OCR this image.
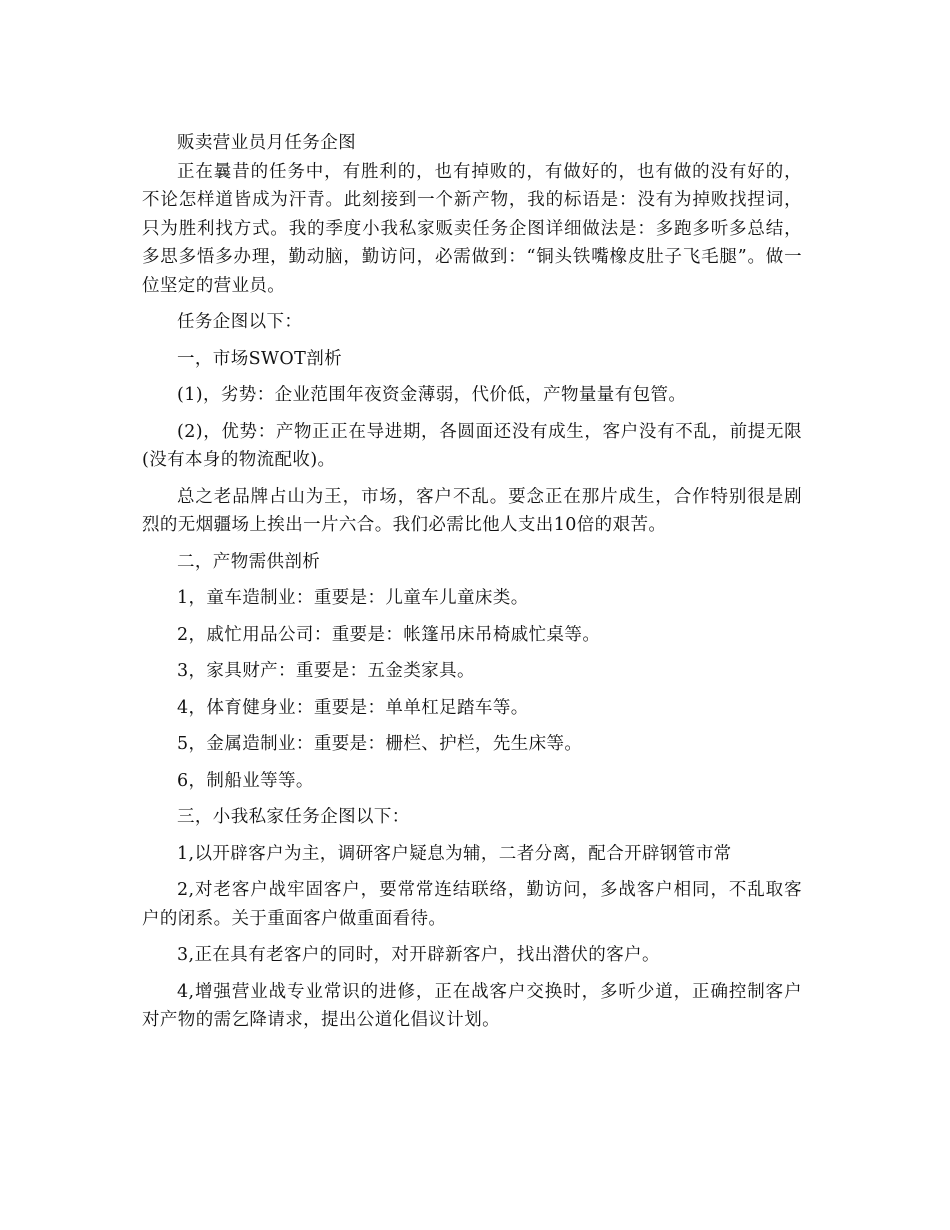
贩卖营业员月任务企图

正在曩昔的任务中，有胜利的，也有掉败的，有做好的，也有做的没有好的，不论怎样道皆成为汗青。此刻接到一个新产物，我的标语是：没有为掉败找捏词，只为胜利找方式。我的季度小我私家贩卖任务企图详细做法是：多跑多听多总结，多思多悟多办理，勤动脑，勤访问，必需做到：“铜头铁嘴橡皮肚子飞毛腿”。做一位坚定的营业员。

任务企图以下：

一，市场SWOT剖析

(1)，劣势：企业范围年夜资金薄弱，代价低，产物量量有包管。

(2)，优势：产物正正在导进期，各圆面还没有成生，客户没有不乱，前提无限(没有本身的物流配收)。

总之老品牌占山为王，市场，客户不乱。要念正在那片成生，合作特别很是剧烈的无烟疆场上挨出一片六合。我们必需比他人支出10倍的艰苦。

二，产物需供剖析

1，童车造制业：重要是：儿童车儿童床类。

2，戚忙用品公司：重要是：帐篷吊床吊椅戚忙桌等。

3，家具财产：重要是：五金类家具。

4，体育健身业：重要是：单单杠足踏车等。

5，金属造制业：重要是：栅栏、护栏，先生床等。

6，制船业等等。

三，小我私家任务企图以下：

1,以开辟客户为主，调研客户疑息为辅，二者分离，配合开辟钢管市常

2,对老客户战牢固客户，要常常连结联络，勤访问，多战客户相同，不乱取客户的闭系。关于重面客户做重面看待。

3,正在具有老客户的同时，对开辟新客户，找出潜伏的客户。

4,增强营业战专业常识的进修，正在战客户交换时，多听少道，正确控制客户对产物的需乞降请求，提出公道化倡议计划。
